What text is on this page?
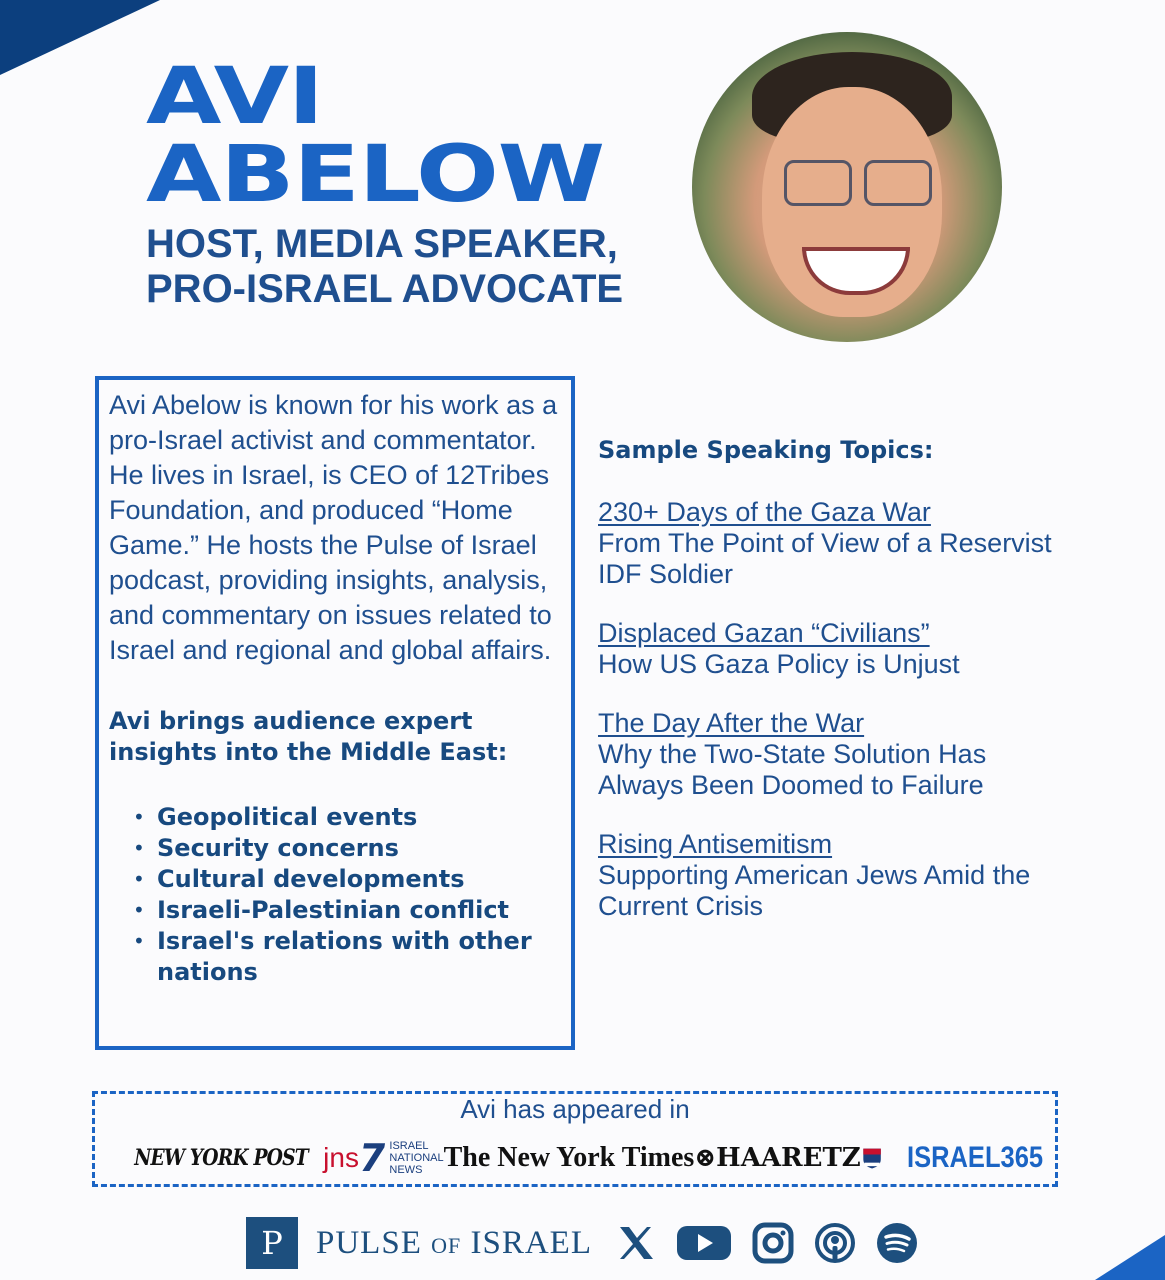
AVI
ABELOW
HOST, MEDIA SPEAKER,
PRO-ISRAEL ADVOCATE

Avi Abelow is known for his work as a pro-Israel activist and commentator. He lives in Israel, is CEO of 12Tribes Foundation, and produced “Home Game.” He hosts the Pulse of Israel podcast, providing insights, analysis, and commentary on issues related to Israel and regional and global affairs.

Avi brings audience expert insights into the Middle East:

• Geopolitical events
• Security concerns
• Cultural developments
• Israeli-Palestinian conflict
• Israel's relations with other nations
Sample Speaking Topics:
230+ Days of the Gaza War
From The Point of View of a Reservist IDF Soldier
Displaced Gazan “Civilians”
How US Gaza Policy is Unjust
The Day After the War
Why the Two-State Solution Has Always Been Doomed to Failure
Rising Antisemitism
Supporting American Jews Amid the Current Crisis
Avi has appeared in
NEW YORK POST jns
7 ISRAEL
NATIONAL
NEWS The New York Times ⊗HAARETZ ISRAEL365
P	PULSE OF ISRAEL
